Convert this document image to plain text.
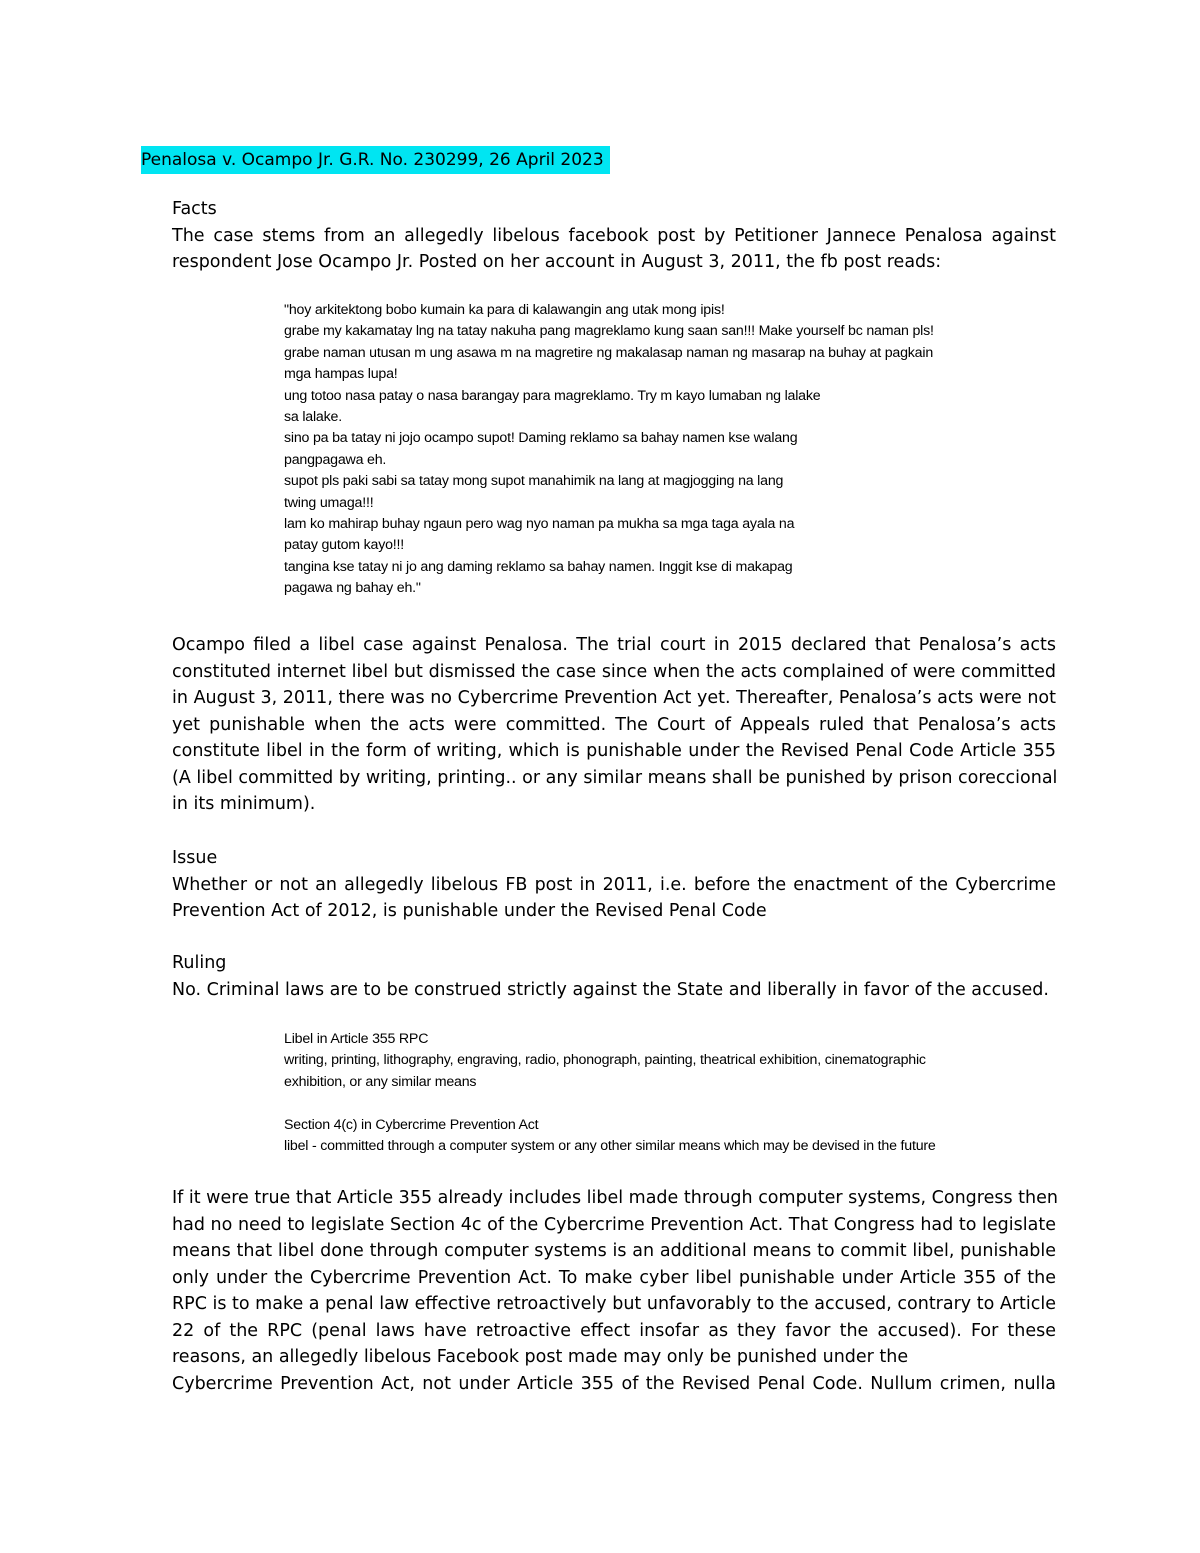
Penalosa v. Ocampo Jr. G.R. No. 230299, 26 April 2023
Facts
The case stems from an allegedly libelous facebook post by Petitioner Jannece Penalosa against
respondent Jose Ocampo Jr. Posted on her account in August 3, 2011, the fb post reads:
"hoy arkitektong bobo kumain ka para di kalawangin ang utak mong ipis!
grabe my kakamatay lng na tatay nakuha pang magreklamo kung saan san!!! Make yourself bc naman pls!
grabe naman utusan m ung asawa m na magretire ng makalasap naman ng masarap na buhay at pagkain
mga hampas lupa!
ung totoo nasa patay o nasa barangay para magreklamo. Try m kayo lumaban ng lalake
sa lalake.
sino pa ba tatay ni jojo ocampo supot! Daming reklamo sa bahay namen kse walang
pangpagawa eh.
supot pls paki sabi sa tatay mong supot manahimik na lang at magjogging na lang
twing umaga!!!
lam ko mahirap buhay ngaun pero wag nyo naman pa mukha sa mga taga ayala na
patay gutom kayo!!!
tangina kse tatay ni jo ang daming reklamo sa bahay namen. Inggit kse di makapag
pagawa ng bahay eh."
Ocampo filed a libel case against Penalosa. The trial court in 2015 declared that Penalosa’s acts
constituted internet libel but dismissed the case since when the acts complained of were committed
in August 3, 2011, there was no Cybercrime Prevention Act yet. Thereafter, Penalosa’s acts were not
yet punishable when the acts were committed. The Court of Appeals ruled that Penalosa’s acts
constitute libel in the form of writing, which is punishable under the Revised Penal Code Article 355
(A libel committed by writing, printing.. or any similar means shall be punished by prison coreccional
in its minimum).
Issue
Whether or not an allegedly libelous FB post in 2011, i.e. before the enactment of the Cybercrime
Prevention Act of 2012, is punishable under the Revised Penal Code
Ruling
No. Criminal laws are to be construed strictly against the State and liberally in favor of the accused.
Libel in Article 355 RPC
writing, printing, lithography, engraving, radio, phonograph, painting, theatrical exhibition, cinematographic
exhibition, or any similar means
Section 4(c) in Cybercrime Prevention Act
libel - committed through a computer system or any other similar means which may be devised in the future
If it were true that Article 355 already includes libel made through computer systems, Congress then
had no need to legislate Section 4c of the Cybercrime Prevention Act. That Congress had to legislate
means that libel done through computer systems is an additional means to commit libel, punishable
only under the Cybercrime Prevention Act. To make cyber libel punishable under Article 355 of the
RPC is to make a penal law effective retroactively but unfavorably to the accused, contrary to Article
22 of the RPC (penal laws have retroactive effect insofar as they favor the accused). For these
reasons, an allegedly libelous Facebook post made may only be punished under the
Cybercrime Prevention Act, not under Article 355 of the Revised Penal Code. Nullum crimen, nulla
